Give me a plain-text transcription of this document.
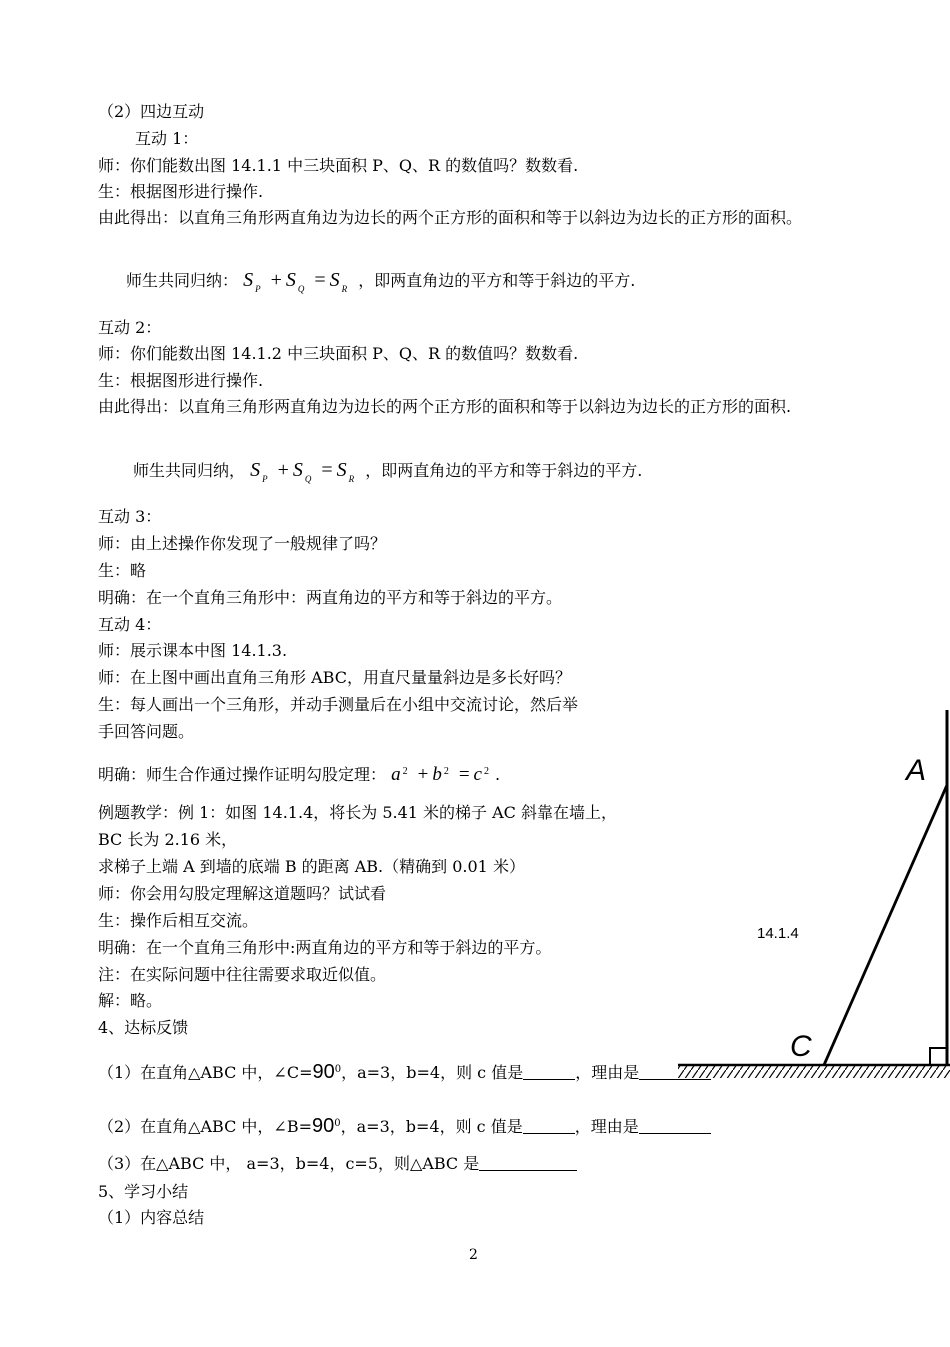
（2）四边互动
互动 1：
师：你们能数出图 14.1.1 中三块面积 P、Q、R 的数值吗？数数看.
生：根据图形进行操作.
由此得出：以直角三角形两直角边为边长的两个正方形的面积和等于以斜边为边长的正方形的面积。
师生共同归纳： S $_P$ + S $_Q$ = S $_R$ ，即两直角边的平方和等于斜边的平方.
互动 2：
师：你们能数出图 14.1.2 中三块面积 P、Q、R 的数值吗？数数看.
生：根据图形进行操作.
由此得出：以直角三角形两直角边为边长的两个正方形的面积和等于以斜边为边长的正方形的面积.
师生共同归纳， S $_P$ + S $_Q$ = S $_R$ ，即两直角边的平方和等于斜边的平方.
互动 3：
师：由上述操作你发现了一般规律了吗？
生：略
明确：在一个直角三角形中：两直角边的平方和等于斜边的平方。
互动 4：
师：展示课本中图 14.1.3.
师：在上图中画出直角三角形 ABC，用直尺量量斜边是多长好吗？
生：每人画出一个三角形，并动手测量后在小组中交流讨论，然后举
手回答问题。
明确：师生合作通过操作证明勾股定理： a $^2$ + b $^2$ = c $^2$ .
例题教学：例 1：如图 14.1.4，将长为 5.41 米的梯子 AC 斜靠在墙上，
BC 长为 2.16 米，
求梯子上端 A 到墙的底端 B 的距离 AB.（精确到 0.01 米）
师：你会用勾股定理解这道题吗？试试看
生：操作后相互交流。
明确：在一个直角三角形中:两直角边的平方和等于斜边的平方。
注：在实际问题中往往需要求取近似值。
解：略。
4、达标反馈
（1）在直角△ABC 中，$\angle C=90^0$，a=3，b=4，则 c 值是	，理由是
（2）在直角△ABC 中，$\angle B=90^0$，a=3，b=4，则 c 值是	，理由是
（3）在△ABC 中， a=3，b=4，c=5，则△ABC 是
5、学习小结
（1）内容总结
14.1.4
A
C
2
